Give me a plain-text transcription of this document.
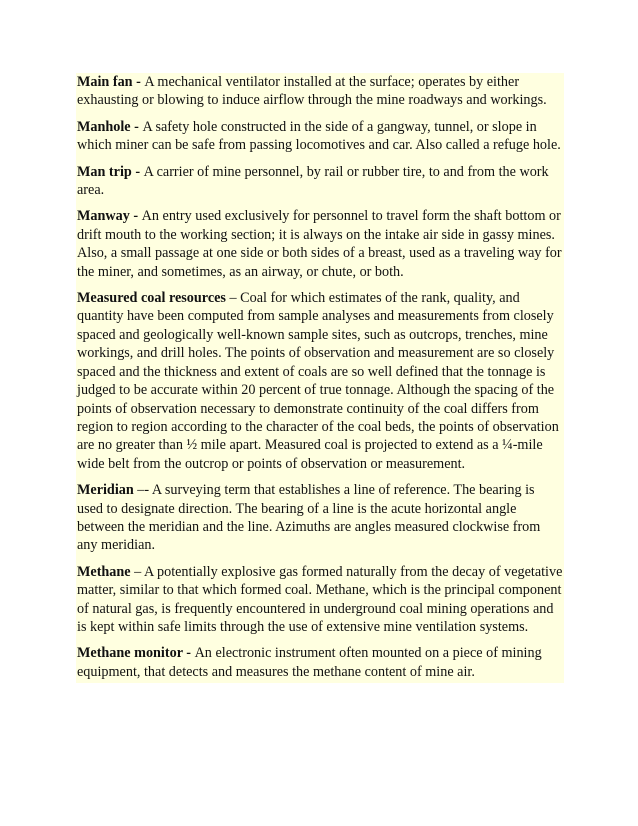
Main fan - A mechanical ventilator installed at the surface; operates by either exhausting or blowing to induce airflow through the mine roadways and workings.

Manhole - A safety hole constructed in the side of a gangway, tunnel, or slope in which miner can be safe from passing locomotives and car. Also called a refuge hole.

Man trip - A carrier of mine personnel, by rail or rubber tire, to and from the work area.

Manway - An entry used exclusively for personnel to travel form the shaft bottom or drift mouth to the working section; it is always on the intake air side in gassy mines. Also, a small passage at one side or both sides of a breast, used as a traveling way for the miner, and sometimes, as an airway, or chute, or both.

Measured coal resources – Coal for which estimates of the rank, quality, and quantity have been computed from sample analyses and measurements from closely spaced and geologically well-known sample sites, such as outcrops, trenches, mine workings, and drill holes. The points of observation and measurement are so closely spaced and the thickness and extent of coals are so well defined that the tonnage is judged to be accurate within 20 percent of true tonnage. Although the spacing of the points of observation necessary to demonstrate continuity of the coal differs from region to region according to the character of the coal beds, the points of observation are no greater than ½ mile apart. Measured coal is projected to extend as a ¼-mile wide belt from the outcrop or points of observation or measurement.

Meridian –- A surveying term that establishes a line of reference. The bearing is used to designate direction. The bearing of a line is the acute horizontal angle between the meridian and the line. Azimuths are angles measured clockwise from any meridian.

Methane – A potentially explosive gas formed naturally from the decay of vegetative matter, similar to that which formed coal. Methane, which is the principal component of natural gas, is frequently encountered in underground coal mining operations and is kept within safe limits through the use of extensive mine ventilation systems.

Methane monitor - An electronic instrument often mounted on a piece of mining equipment, that detects and measures the methane content of mine air.
